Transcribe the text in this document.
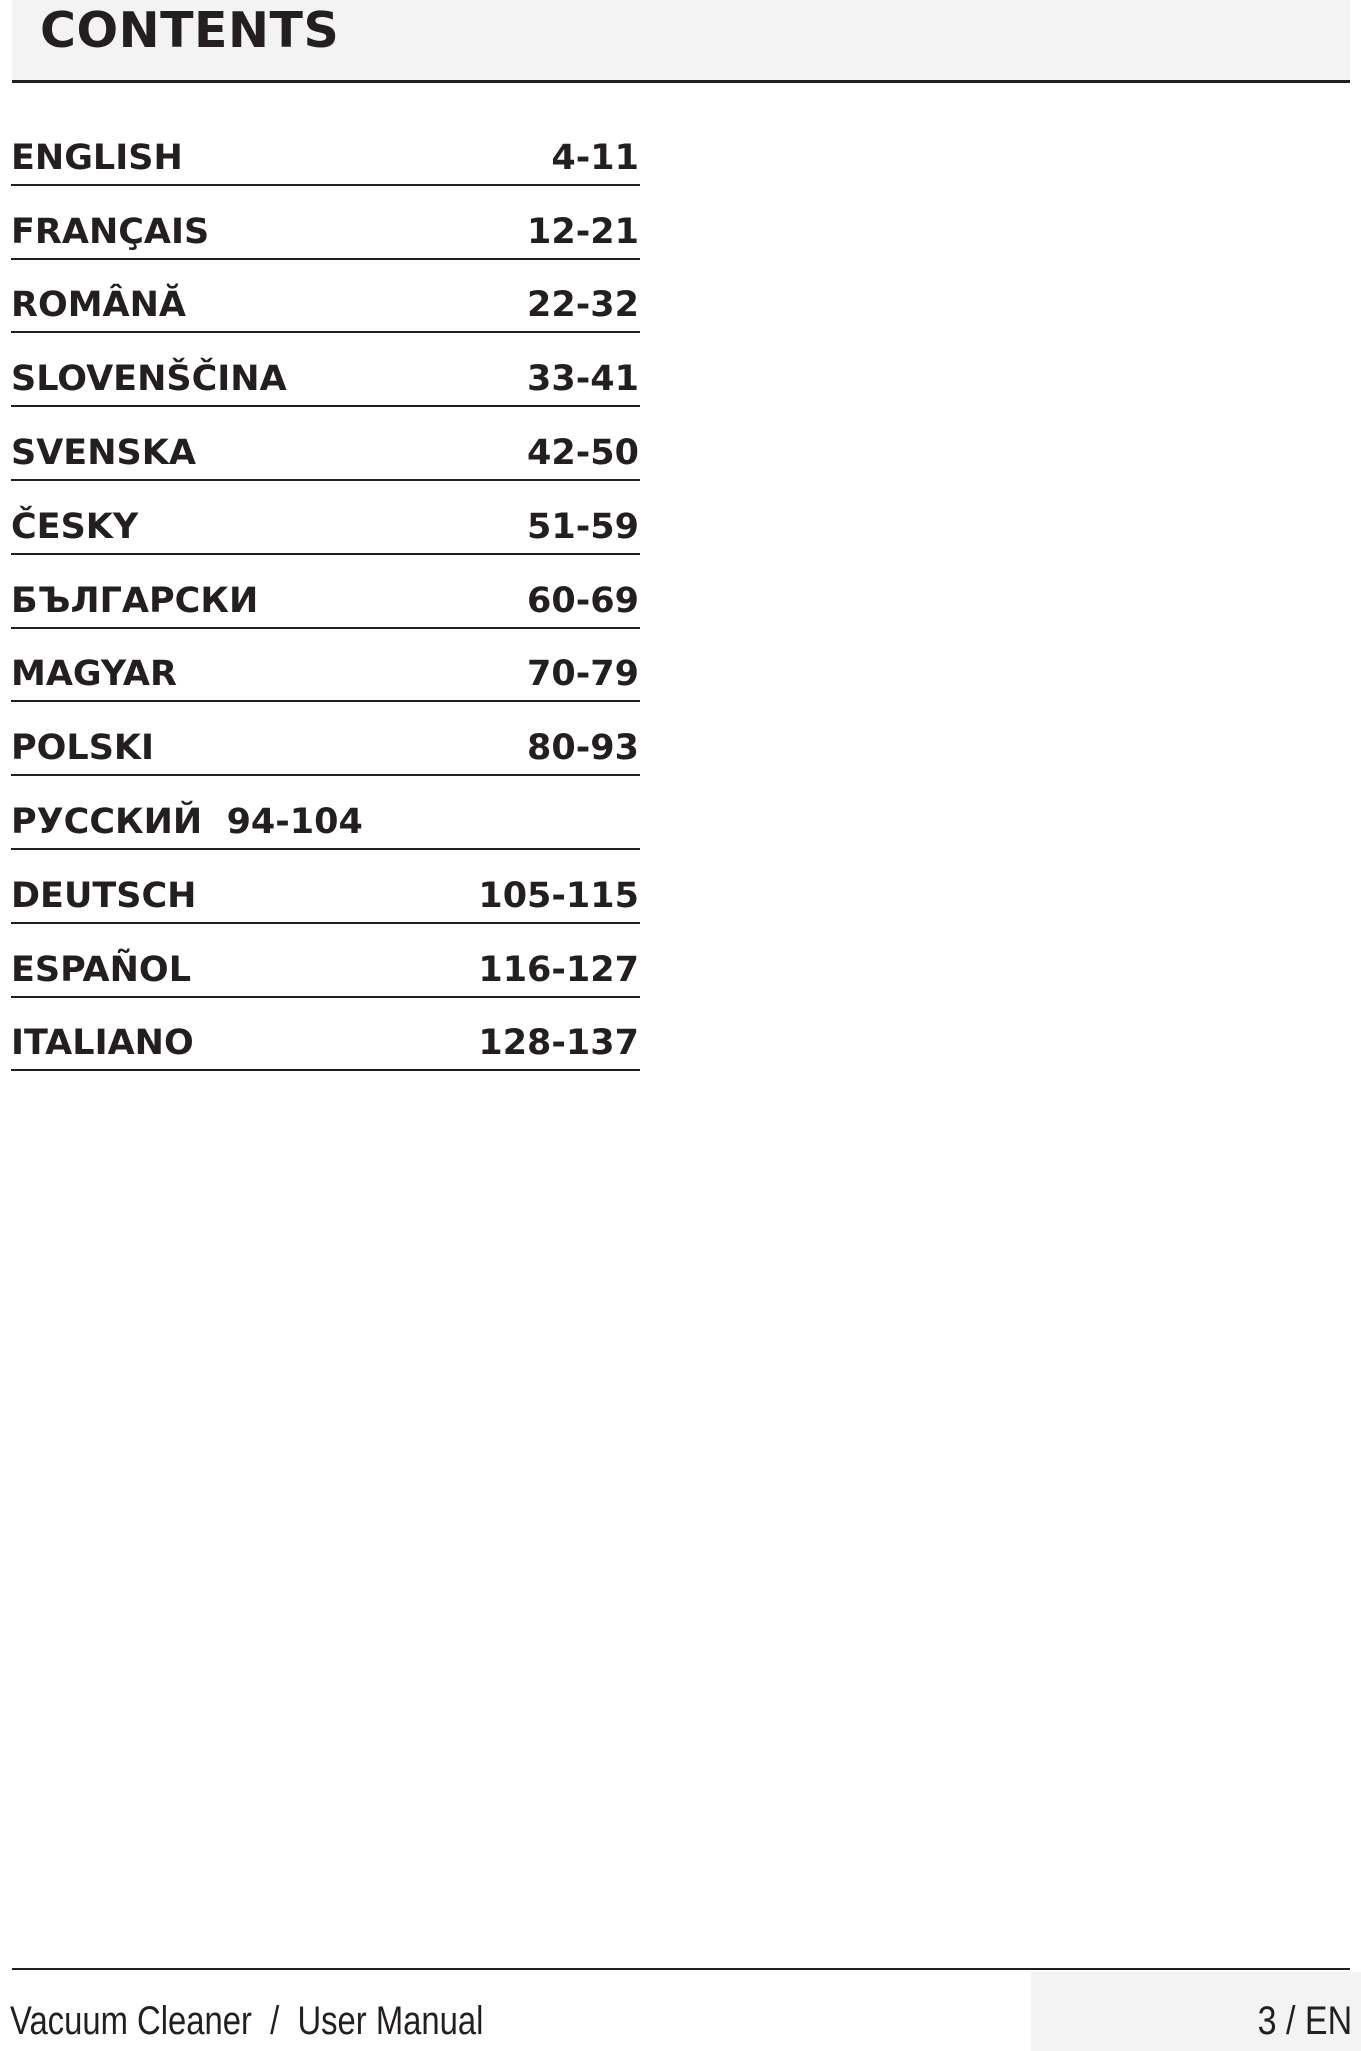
CONTENTS
ENGLISH	4-11
FRANÇAIS	12-21
ROMÂNĂ	22-32
SLOVENŠČINA	33-41
SVENSKA	42-50
ČESKY	51-59
БЪЛГАРСКИ	60-69
MAGYAR	70-79
POLSKI	80-93
РУССКИЙ 94-104
DEUTSCH	105-115
ESPAÑOL	116-127
ITALIANO	128-137
Vacuum Cleaner / User Manual	3 / EN
